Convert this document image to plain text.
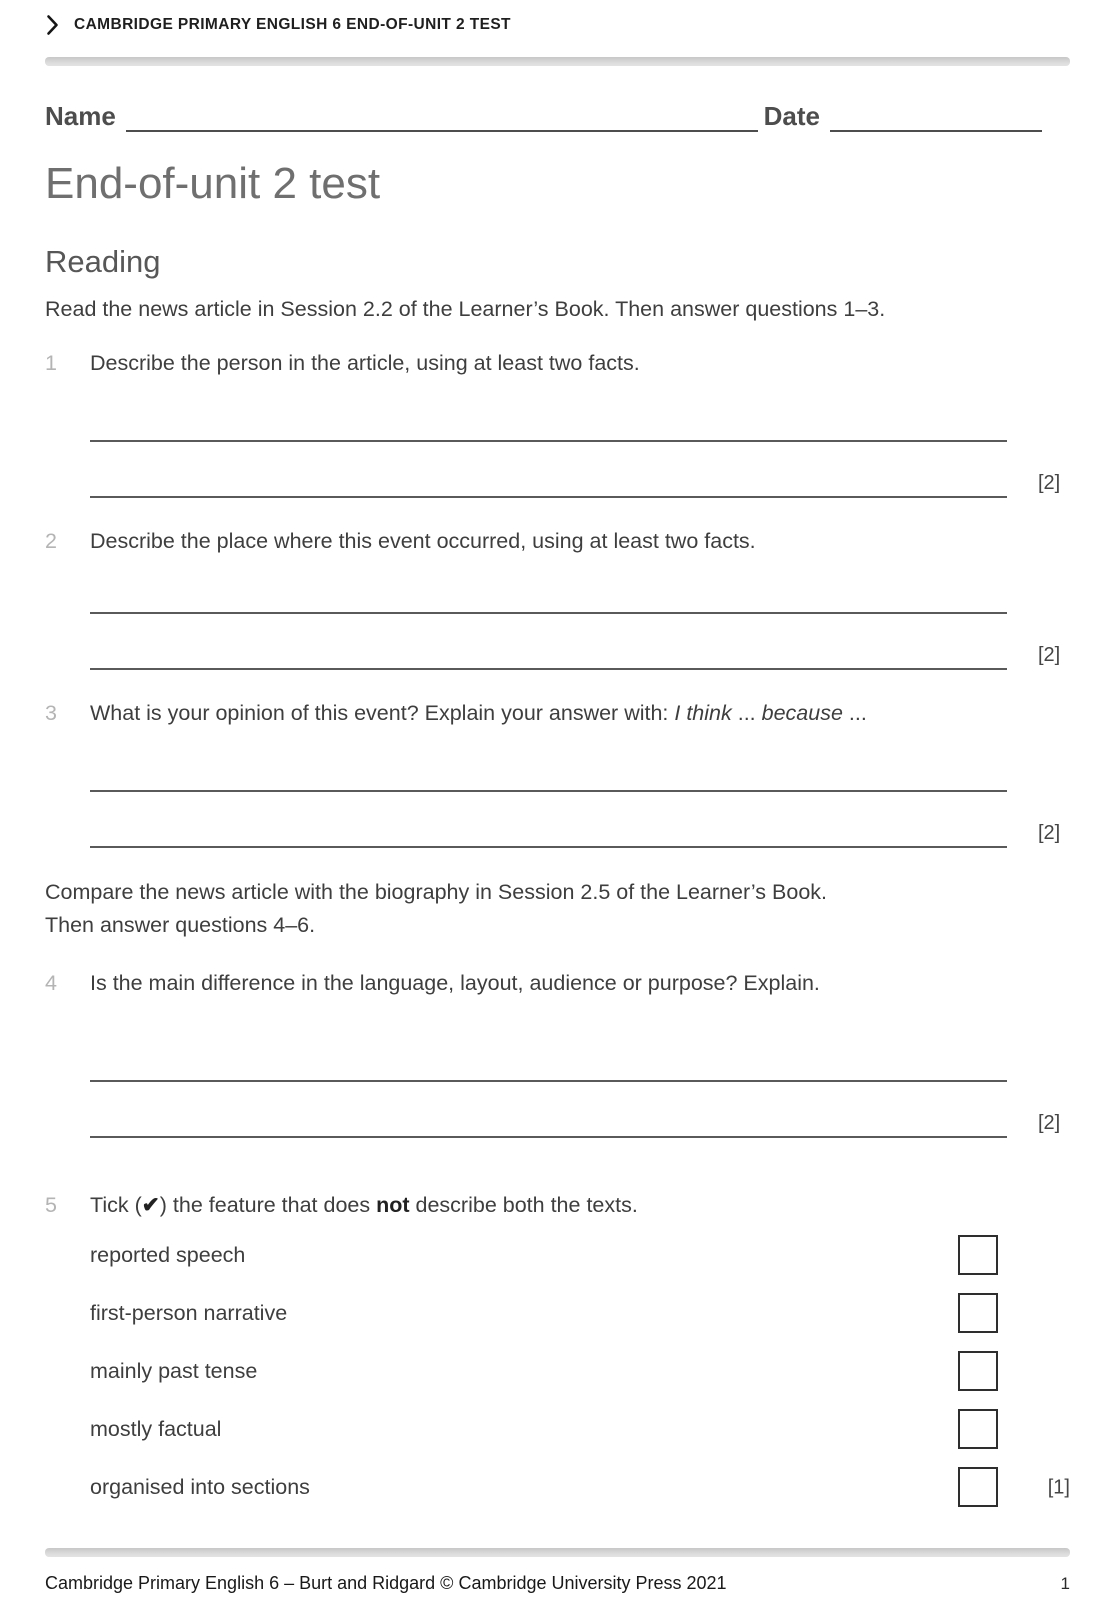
CAMBRIDGE PRIMARY ENGLISH 6 END-OF-UNIT 2 TEST
Name	Date
End-of-unit 2 test
Reading

Read the news article in Session 2.2 of the Learner’s Book. Then answer questions 1–3.

1	Describe the person in the article, using at least two facts.

[2]
2	Describe the place where this event occurred, using at least two facts.

[2]
3	What is your opinion of this event? Explain your answer with: I think ... because ...

[2]

Compare the news article with the biography in Session 2.5 of the Learner’s Book.
Then answer questions 4–6.

4	Is the main difference in the language, layout, audience or purpose? Explain.

[2]
5	Tick (✔) the feature that does not describe both the texts.

reported speech
first-person narrative
mainly past tense
mostly factual
organised into sections	[1]
Cambridge Primary English 6 – Burt and Ridgard © Cambridge University Press 2021	1
